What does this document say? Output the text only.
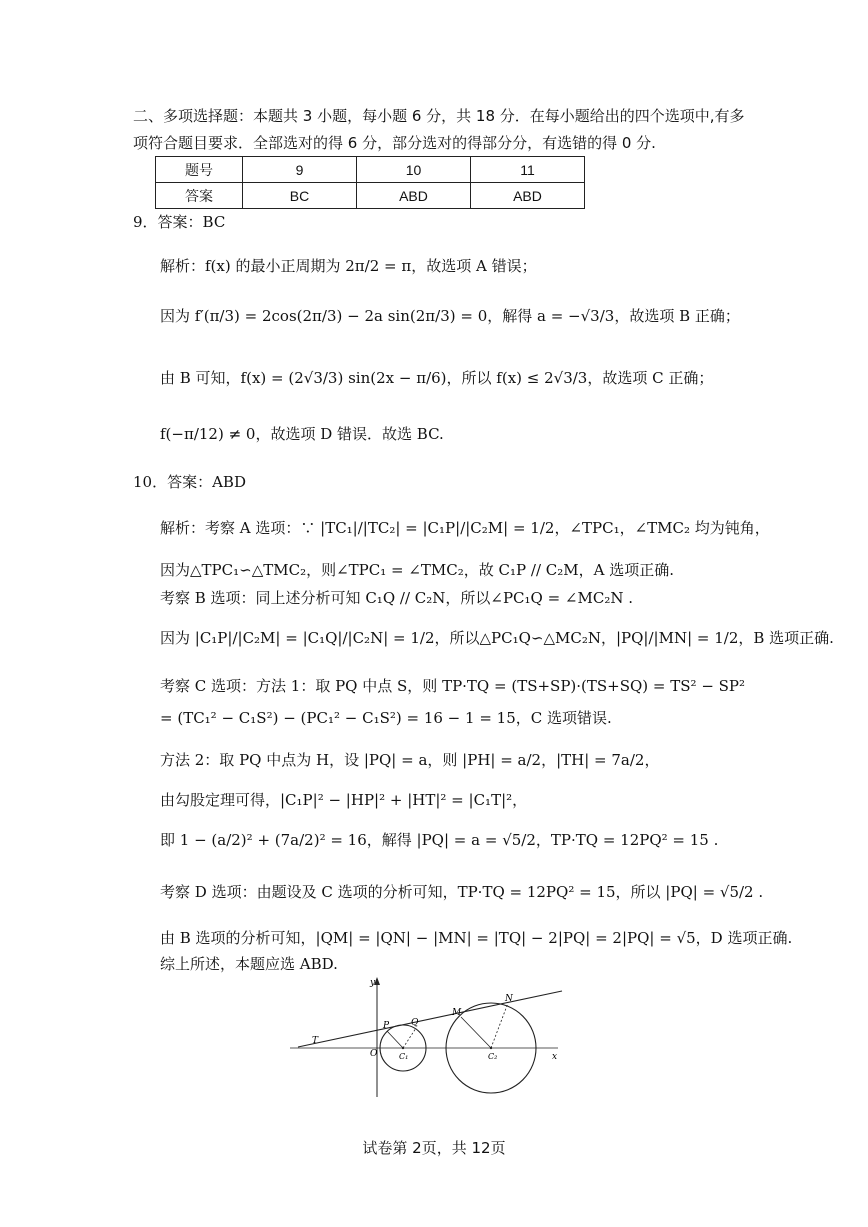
二、多项选择题：本题共 3 小题，每小题 6 分，共 18 分．在每小题给出的四个选项中,有多
项符合题目要求．全部选对的得 6 分，部分选对的得部分分，有选错的得 0 分.
题号	9	10	11
答案	BC	ABD	ABD
9．答案：BC
解析：f(x) 的最小正周期为 2π/2 = π，故选项 A 错误；
因为 f′(π/3) = 2cos(2π/3) − 2a sin(2π/3) = 0，解得 a = −√3/3，故选项 B 正确；
由 B 可知，f(x) = (2√3/3) sin(2x − π/6)，所以 f(x) ≤ 2√3/3，故选项 C 正确；
f(−π/12) ≠ 0，故选项 D 错误．故选 BC.
10．答案：ABD
解析：考察 A 选项：∵ |TC₁|/|TC₂| = |C₁P|/|C₂M| = 1/2，∠TPC₁，∠TMC₂ 均为钝角，
因为△TPC₁∽△TMC₂，则∠TPC₁ = ∠TMC₂，故 C₁P // C₂M，A 选项正确.
考察 B 选项：同上述分析可知 C₁Q // C₂N，所以∠PC₁Q = ∠MC₂N .
因为 |C₁P|/|C₂M| = |C₁Q|/|C₂N| = 1/2，所以△PC₁Q∽△MC₂N，|PQ|/|MN| = 1/2，B 选项正确.
考察 C 选项：方法 1：取 PQ 中点 S，则 TP·TQ = (TS+SP)·(TS+SQ) = TS² − SP²
= (TC₁² − C₁S²) − (PC₁² − C₁S²) = 16 − 1 = 15，C 选项错误.
方法 2：取 PQ 中点为 H，设 |PQ| = a，则 |PH| = a/2，|TH| = 7a/2，
由勾股定理可得，|C₁P|² − |HP|² + |HT|² = |C₁T|²，
即 1 − (a/2)² + (7a/2)² = 16，解得 |PQ| = a = √5/2，TP·TQ = 12PQ² = 15 .
考察 D 选项：由题设及 C 选项的分析可知，TP·TQ = 12PQ² = 15，所以 |PQ| = √5/2 .
由 B 选项的分析可知，|QM| = |QN| − |MN| = |TQ| − 2|PQ| = 2|PQ| = √5，D 选项正确.
综上所述，本题应选 ABD.
y
x
T
P Q
O	C₁	C₂
M
N
试卷第 2页，共 12页
